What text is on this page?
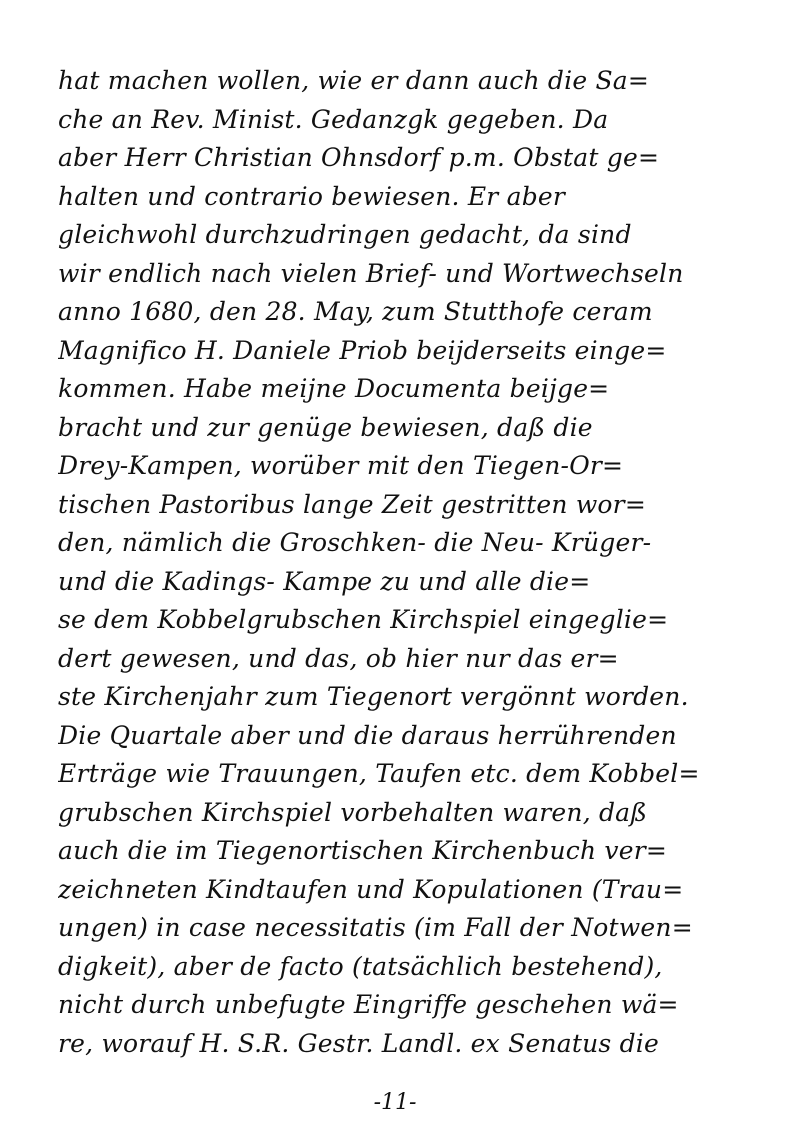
hat machen wollen, wie er dann auch die Sa=
che an Rev. Minist. Gedanzgk gegeben. Da
aber Herr Christian Ohnsdorf p.m. Obstat ge=
halten und contrario bewiesen. Er aber
gleichwohl durchzudringen gedacht, da sind
wir endlich nach vielen Brief- und Wortwechseln
anno 1680, den 28. May, zum Stutthofe ceram
Magnifico H. Daniele Priob beijderseits einge=
kommen. Habe meijne Documenta beijge=
bracht und zur genüge bewiesen, daß die
Drey-Kampen, worüber mit den Tiegen-Or=
tischen Pastoribus lange Zeit gestritten wor=
den, nämlich die Groschken- die Neu- Krüger-
und die Kadings- Kampe zu und alle die=
se dem Kobbelgrubschen Kirchspiel eingeglie=
dert gewesen, und das, ob hier nur das er=
ste Kirchenjahr zum Tiegenort vergönnt worden.
Die Quartale aber und die daraus herrührenden
Erträge wie Trauungen, Taufen etc. dem Kobbel=
grubschen Kirchspiel vorbehalten waren, daß
auch die im Tiegenortischen Kirchenbuch ver=
zeichneten Kindtaufen und Kopulationen (Trau=
ungen) in case necessitatis (im Fall der Notwen=
digkeit), aber de facto (tatsächlich bestehend),
nicht durch unbefugte Eingriffe geschehen wä=
re, worauf H. S.R. Gestr. Landl. ex Senatus die
-11-
